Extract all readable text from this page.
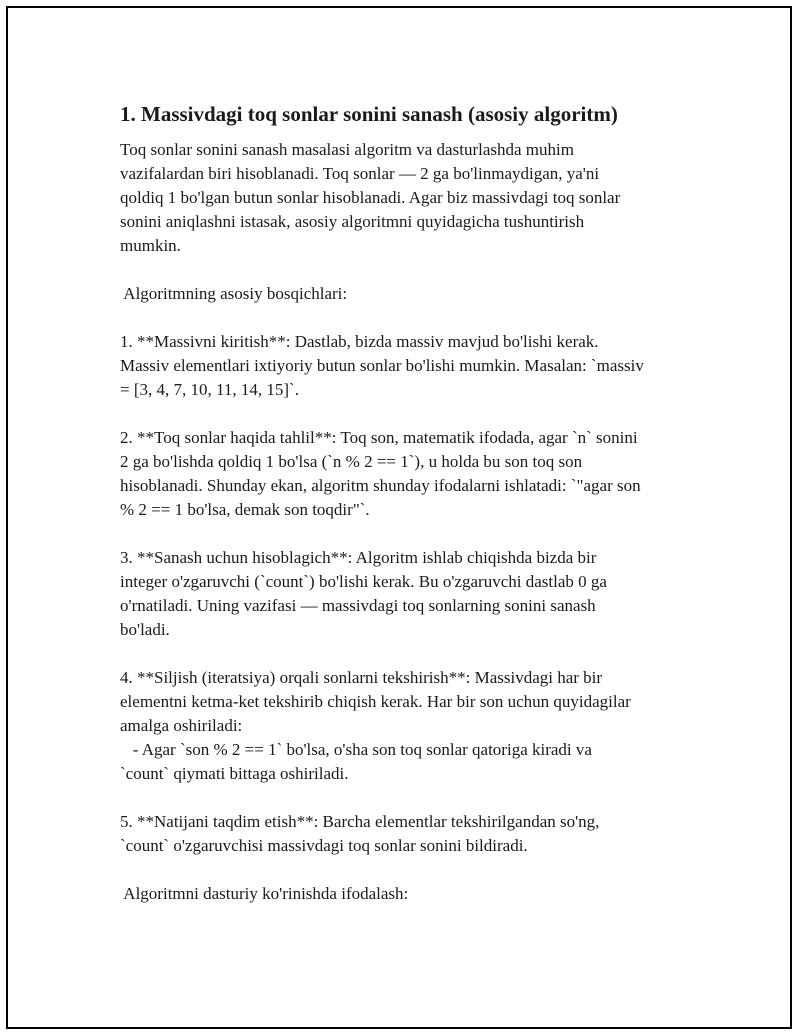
1. Massivdagi toq sonlar sonini sanash (asosiy algoritm)

Toq sonlar sonini sanash masalasi algoritm va dasturlashda muhim
vazifalardan biri hisoblanadi. Toq sonlar — 2 ga bo'linmaydigan, ya'ni
qoldiq 1 bo'lgan butun sonlar hisoblanadi. Agar biz massivdagi toq sonlar
sonini aniqlashni istasak, asosiy algoritmni quyidagicha tushuntirish
mumkin.

Algoritmning asosiy bosqichlari:

1. **Massivni kiritish**: Dastlab, bizda massiv mavjud bo'lishi kerak.
Massiv elementlari ixtiyoriy butun sonlar bo'lishi mumkin. Masalan: `massiv
= [3, 4, 7, 10, 11, 14, 15]`.

2. **Toq sonlar haqida tahlil**: Toq son, matematik ifodada, agar `n` sonini
2 ga bo'lishda qoldiq 1 bo'lsa (`n % 2 == 1`), u holda bu son toq son
hisoblanadi. Shunday ekan, algoritm shunday ifodalarni ishlatadi: `"agar son
% 2 == 1 bo'lsa, demak son toqdir"`.

3. **Sanash uchun hisoblagich**: Algoritm ishlab chiqishda bizda bir
integer o'zgaruvchi (`count`) bo'lishi kerak. Bu o'zgaruvchi dastlab 0 ga
o'rnatiladi. Uning vazifasi — massivdagi toq sonlarning sonini sanash
bo'ladi.

4. **Siljish (iteratsiya) orqali sonlarni tekshirish**: Massivdagi har bir
elementni ketma-ket tekshirib chiqish kerak. Har bir son uchun quyidagilar
amalga oshiriladi:
- Agar `son % 2 == 1` bo'lsa, o'sha son toq sonlar qatoriga kiradi va
`count` qiymati bittaga oshiriladi.

5. **Natijani taqdim etish**: Barcha elementlar tekshirilgandan so'ng,
`count` o'zgaruvchisi massivdagi toq sonlar sonini bildiradi.

Algoritmni dasturiy ko'rinishda ifodalash:
